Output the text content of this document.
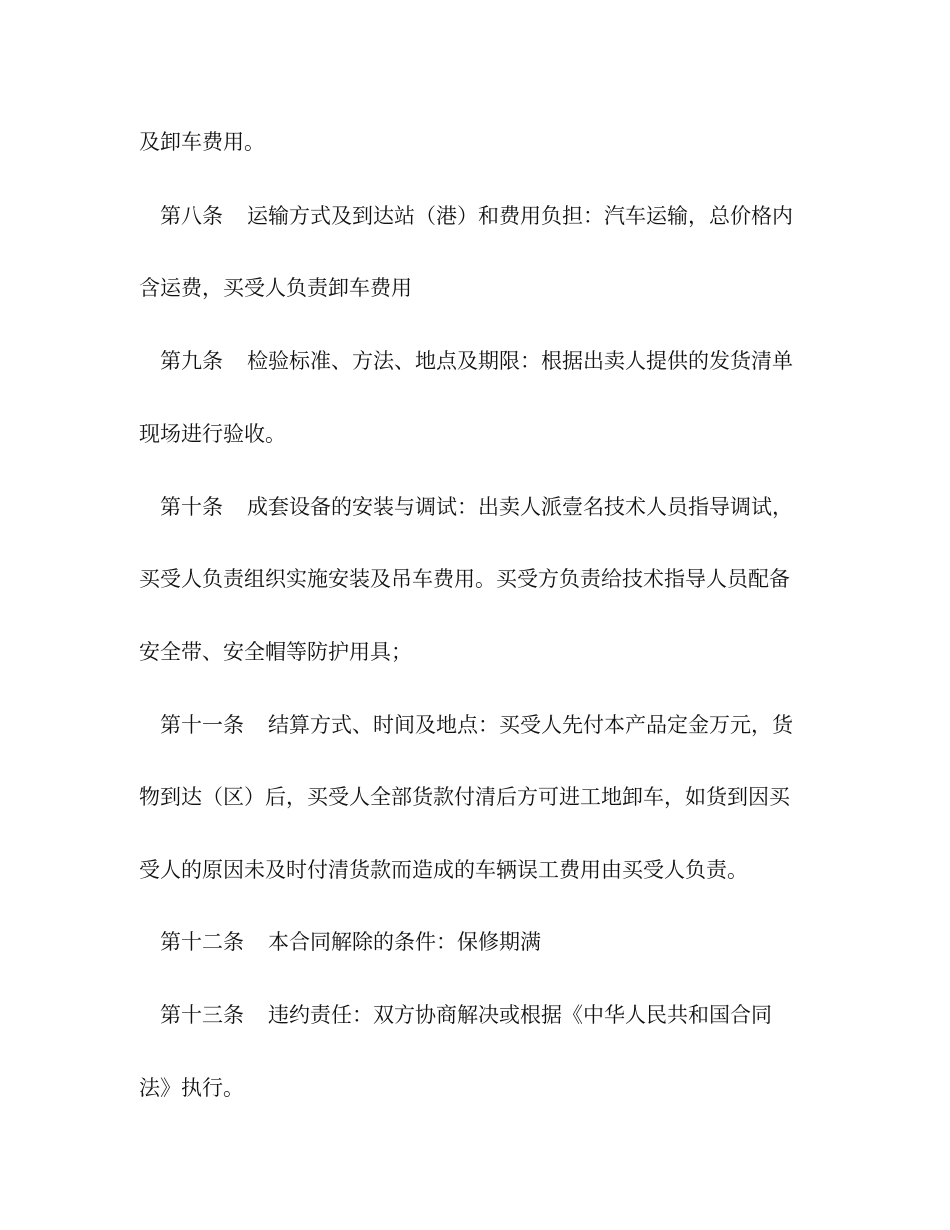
及卸车费用。
第八条 运输方式及到达站（港）和费用负担：汽车运输，总价格内
含运费，买受人负责卸车费用
第九条 检验标准、方法、地点及期限：根据出卖人提供的发货清单
现场进行验收。
第十条 成套设备的安装与调试：出卖人派壹名技术人员指导调试，
买受人负责组织实施安装及吊车费用。买受方负责给技术指导人员配备
安全带、安全帽等防护用具；
第十一条 结算方式、时间及地点：买受人先付本产品定金万元，货
物到达（区）后，买受人全部货款付清后方可进工地卸车，如货到因买
受人的原因未及时付清货款而造成的车辆误工费用由买受人负责。
第十二条 本合同解除的条件：保修期满
第十三条 违约责任：双方协商解决或根据《中华人民共和国合同
法》执行。
